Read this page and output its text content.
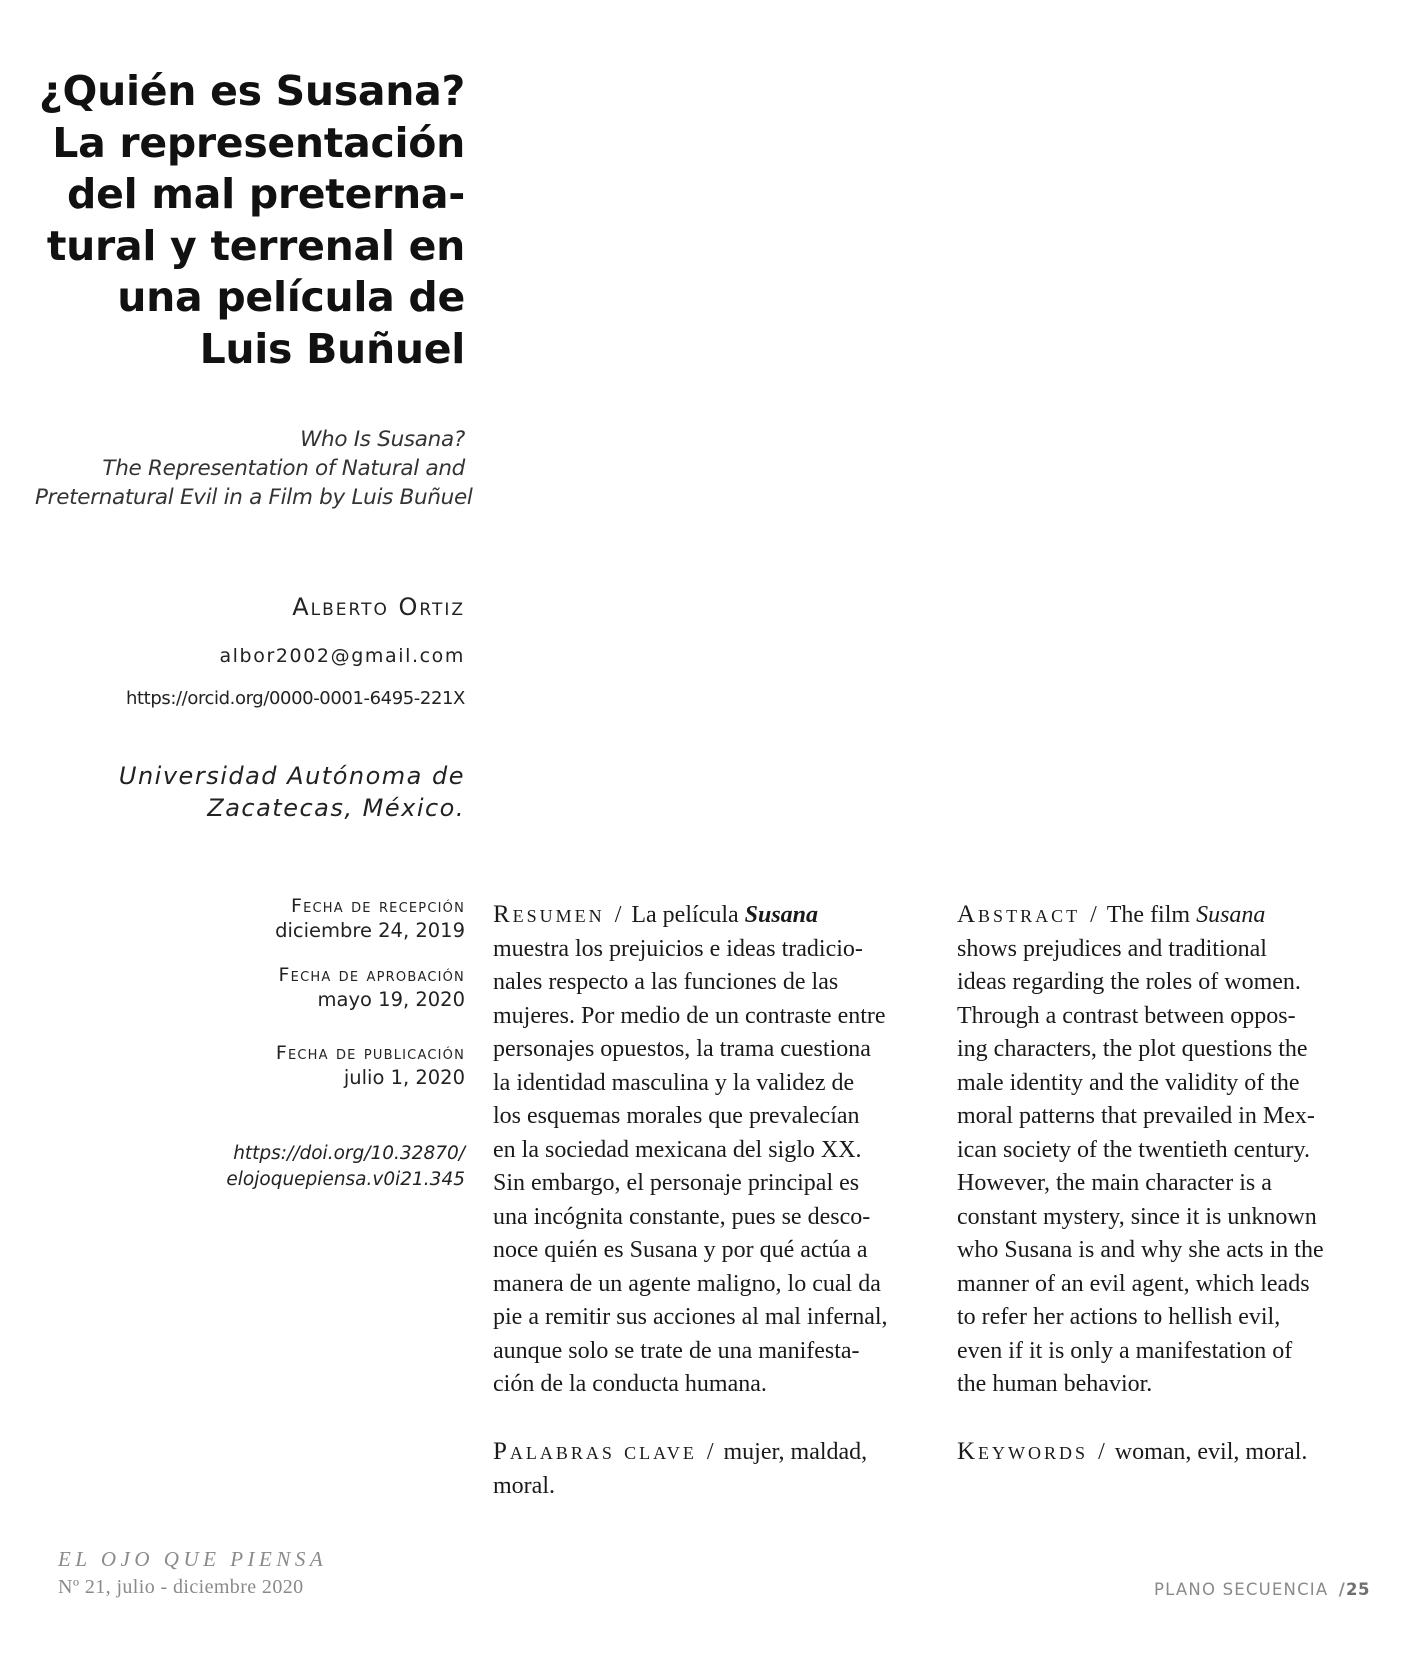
¿Quién es Susana?
La representación
del mal preterna-
tural y terrenal en
una película de
Luis Buñuel
Who Is Susana?
The Representation of Natural and
Preternatural Evil in a Film by Luis Buñuel
Alberto Ortiz
albor2002@gmail.com
https://orcid.org/0000-0001-6495-221X
Universidad Autónoma de
Zacatecas, México.
Fecha de recepción
diciembre 24, 2019
Fecha de aprobación
mayo 19, 2020
Fecha de publicación
julio 1, 2020
https://doi.org/10.32870/
elojoquepiensa.v0i21.345
Resumen / La película Susana
muestra los prejuicios e ideas tradicio-
nales respecto a las funciones de las
mujeres. Por medio de un contraste entre
personajes opuestos, la trama cuestiona
la identidad masculina y la validez de
los esquemas morales que prevalecían
en la sociedad mexicana del siglo XX.
Sin embargo, el personaje principal es
una incógnita constante, pues se desco-
noce quién es Susana y por qué actúa a
manera de un agente maligno, lo cual da
pie a remitir sus acciones al mal infernal,
aunque solo se trate de una manifesta-
ción de la conducta humana.
Palabras clave / mujer, maldad,
moral.
Abstract / The film Susana
shows prejudices and traditional
ideas regarding the roles of women.
Through a contrast between oppos-
ing characters, the plot questions the
male identity and the validity of the
moral patterns that prevailed in Mex-
ican society of the twentieth century.
However, the main character is a
constant mystery, since it is unknown
who Susana is and why she acts in the
manner of an evil agent, which leads
to refer her actions to hellish evil,
even if it is only a manifestation of
the human behavior.
Keywords / woman, evil, moral.
EL OJO QUE PIENSA
Nº 21, julio - diciembre 2020	PLANO SECUENCIA /25
